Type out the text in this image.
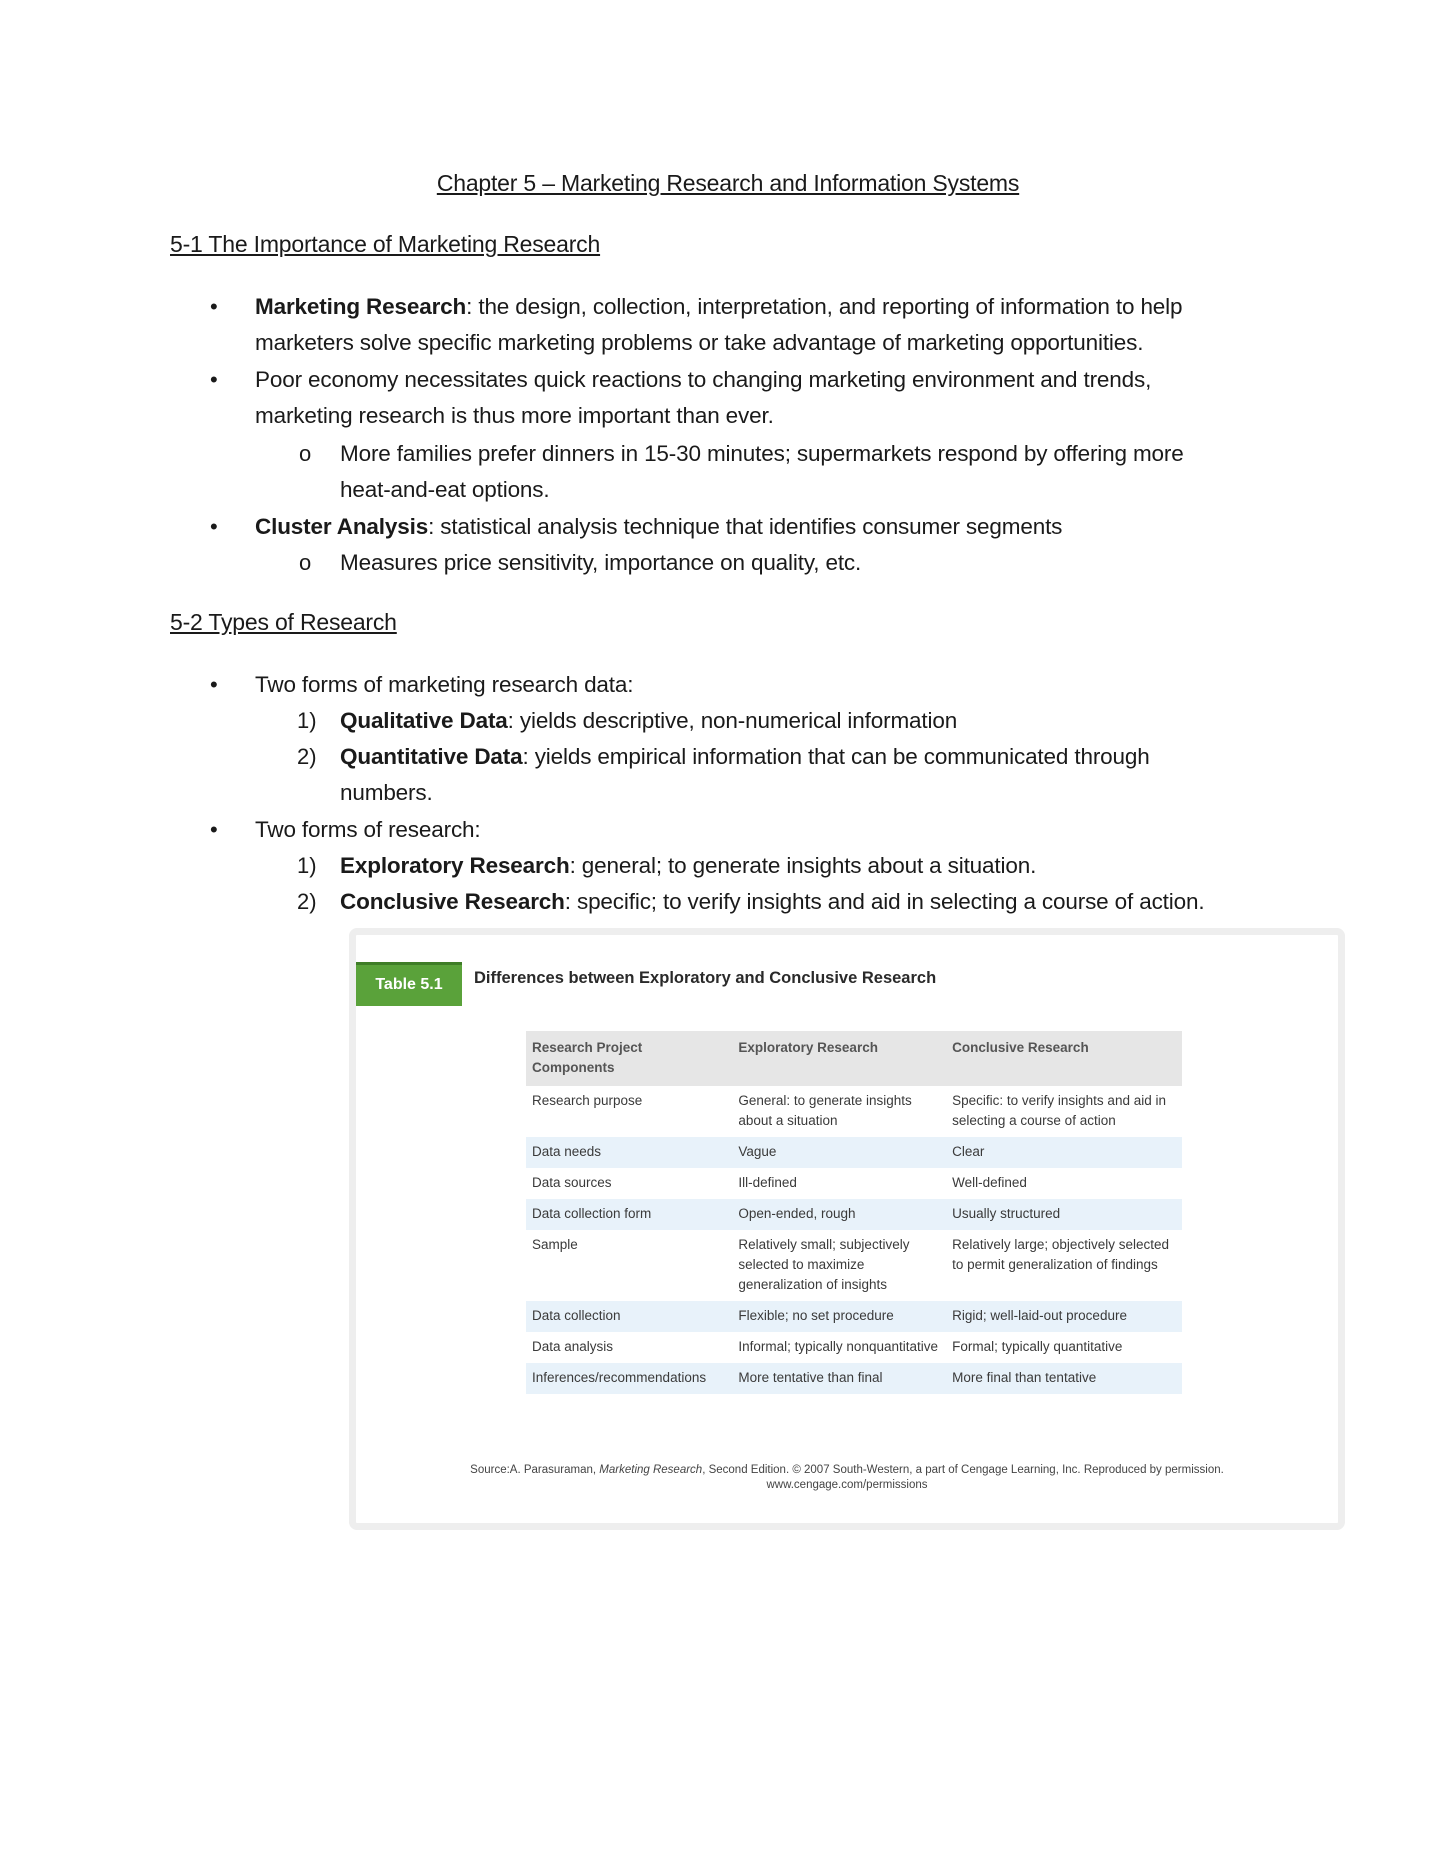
Chapter 5 – Marketing Research and Information Systems
5-1 The Importance of Marketing Research
• Marketing Research: the design, collection, interpretation, and reporting of information to help
marketers solve specific marketing problems or take advantage of marketing opportunities.
• Poor economy necessitates quick reactions to changing marketing environment and trends,
marketing research is thus more important than ever.
o More families prefer dinners in 15-30 minutes; supermarkets respond by offering more
heat-and-eat options.
• Cluster Analysis: statistical analysis technique that identifies consumer segments
o Measures price sensitivity, importance on quality, etc.
5-2 Types of Research
• Two forms of marketing research data:
1) Qualitative Data: yields descriptive, non-numerical information
2) Quantitative Data: yields empirical information that can be communicated through
numbers.
• Two forms of research:
1) Exploratory Research: general; to generate insights about a situation.
2) Conclusive Research: specific; to verify insights and aid in selecting a course of action.
Table 5.1	Differences between Exploratory and Conclusive Research
Research Project Components	Exploratory Research	Conclusive Research
Research purpose	General: to generate insights about a situation	Specific: to verify insights and aid in selecting a course of action
Data needs	Vague	Clear
Data sources	Ill-defined	Well-defined
Data collection form	Open-ended, rough	Usually structured
Sample	Relatively small; subjectively selected to maximize generalization of insights	Relatively large; objectively selected to permit generalization of findings
Data collection	Flexible; no set procedure	Rigid; well-laid-out procedure
Data analysis	Informal; typically nonquantitative	Formal; typically quantitative
Inferences/recommendations	More tentative than final	More final than tentative
Source:A. Parasuraman, Marketing Research, Second Edition. © 2007 South-Western, a part of Cengage Learning, Inc. Reproduced by permission.
www.cengage.com/permissions
